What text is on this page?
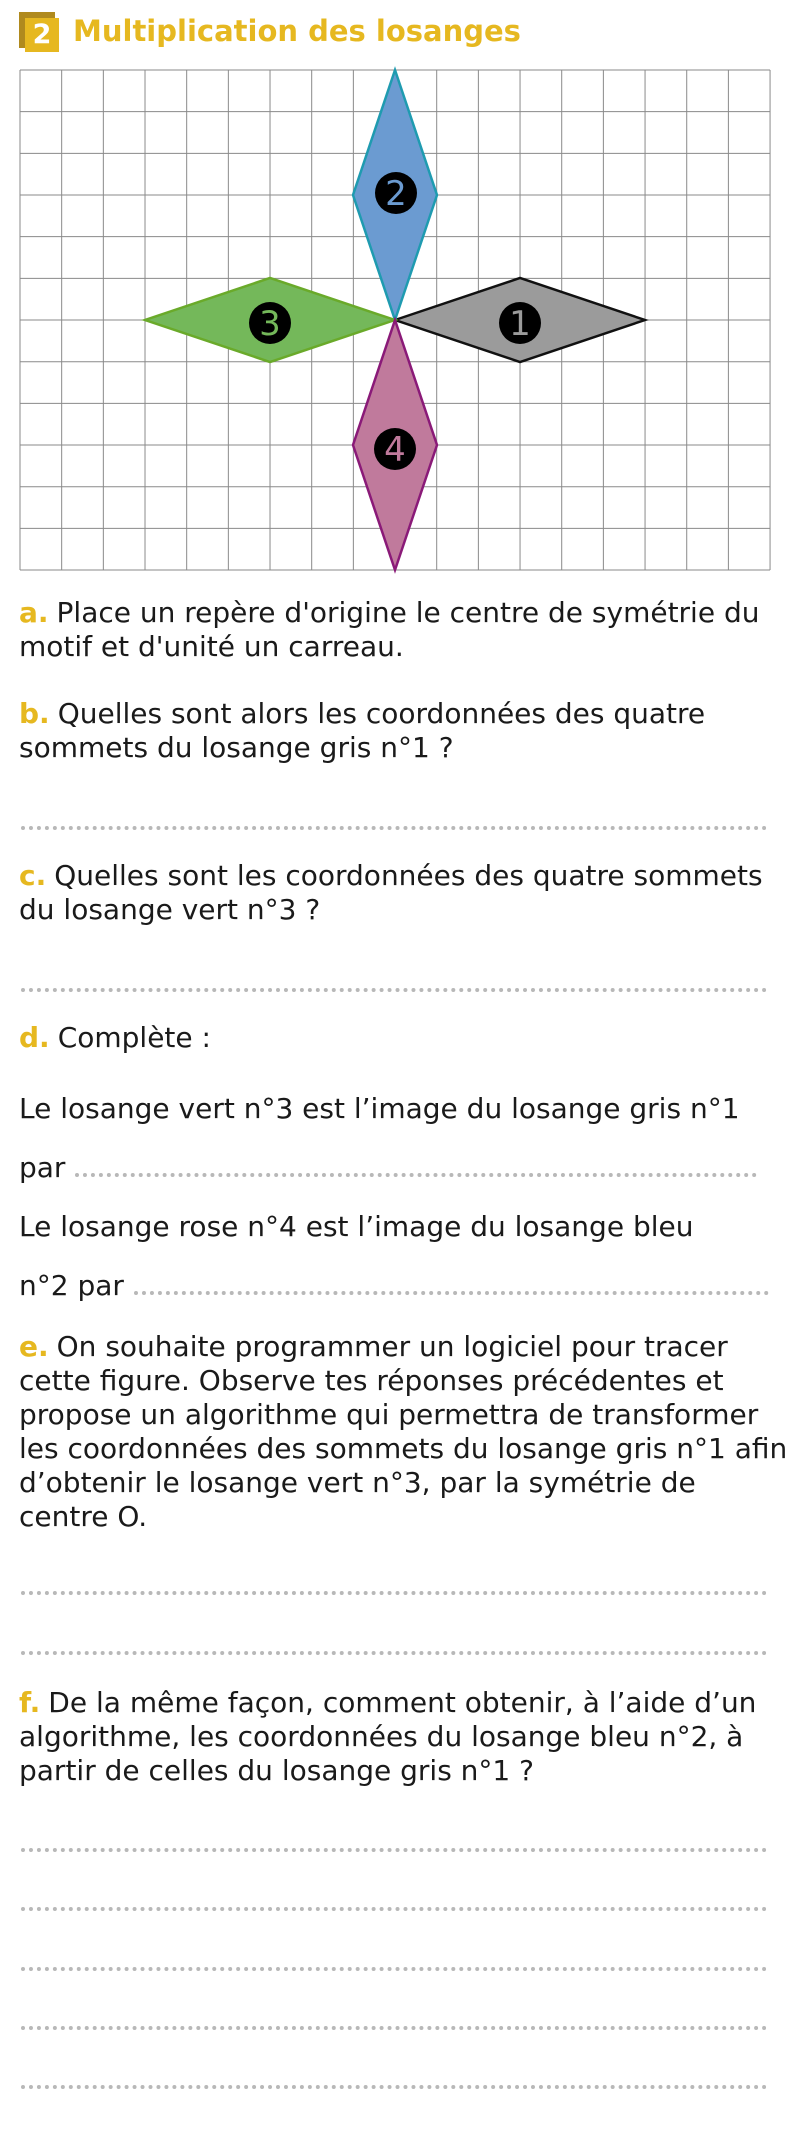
2 Multiplication des losanges
1
2
3
4
a. Place un repère d'origine le centre de symétrie du motif et d'unité un carreau.
b. Quelles sont alors les coordonnées des quatre sommets du losange gris n°1 ?
c. Quelles sont les coordonnées des quatre sommets du losange vert n°3 ?
d. Complète :
Le losange vert n°3 est l’image du losange gris n°1
par
Le losange rose n°4 est l’image du losange bleu
n°2 par
e. On souhaite programmer un logiciel pour tracer cette figure. Observe tes réponses précédentes et propose un algorithme qui permettra de transformer les coordonnées des sommets du losange gris n°1 afin d’obtenir le losange vert n°3, par la symétrie de centre O.
f. De la même façon, comment obtenir, à l’aide d’un algorithme, les coordonnées du losange bleu n°2, à partir de celles du losange gris n°1 ?
